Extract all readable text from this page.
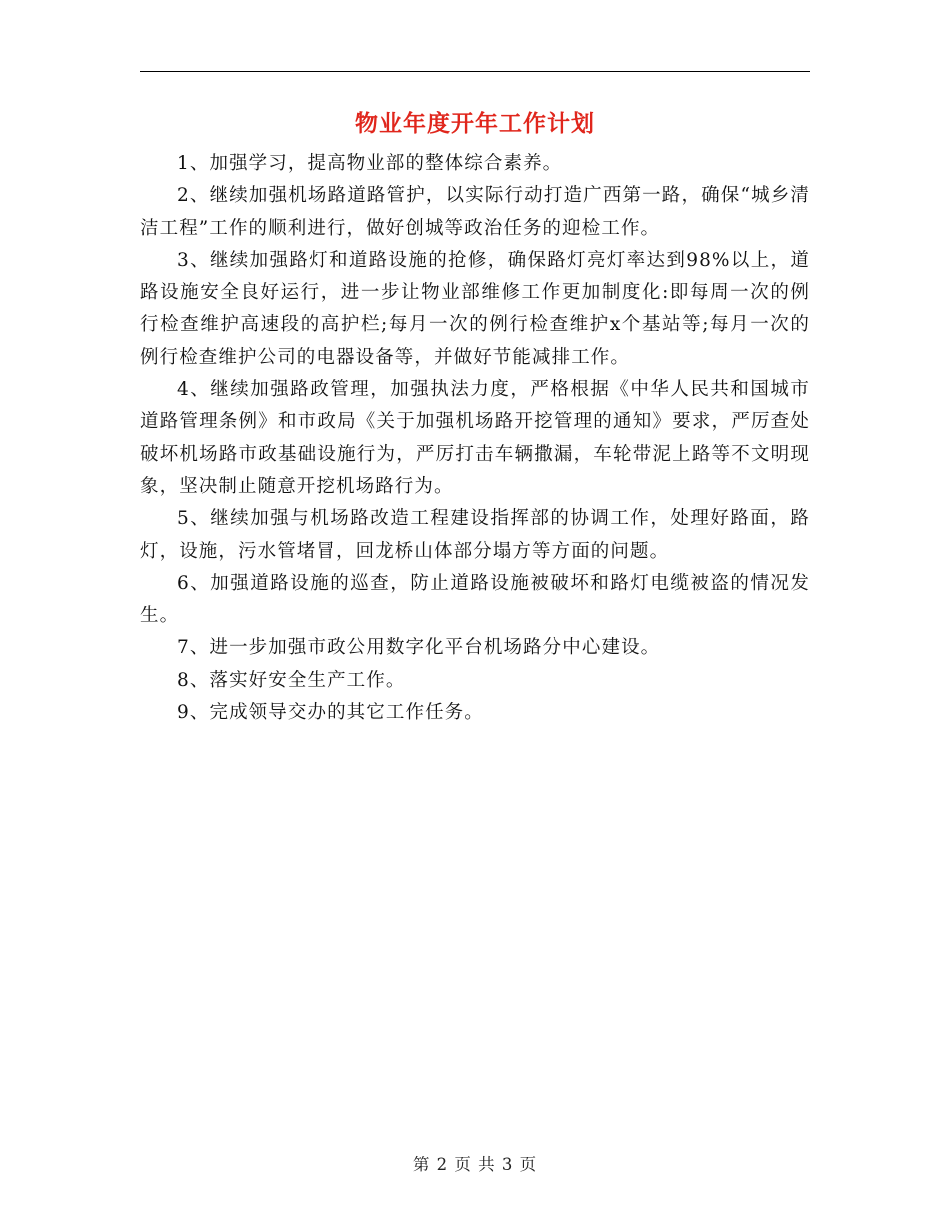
物业年度开年工作计划

1、加强学习，提高物业部的整体综合素养。

2、继续加强机场路道路管护，以实际行动打造广西第一路，确保“城乡清洁工程”工作的顺利进行，做好创城等政治任务的迎检工作。

3、继续加强路灯和道路设施的抢修，确保路灯亮灯率达到98%以上，道路设施安全良好运行，进一步让物业部维修工作更加制度化:即每周一次的例行检查维护高速段的高护栏;每月一次的例行检查维护x个基站等;每月一次的例行检查维护公司的电器设备等，并做好节能减排工作。

4、继续加强路政管理，加强执法力度，严格根据《中华人民共和国城市道路管理条例》和市政局《关于加强机场路开挖管理的通知》要求，严厉查处破坏机场路市政基础设施行为，严厉打击车辆撒漏，车轮带泥上路等不文明现象，坚决制止随意开挖机场路行为。

5、继续加强与机场路改造工程建设指挥部的协调工作，处理好路面，路灯，设施，污水管堵冒，回龙桥山体部分塌方等方面的问题。

6、加强道路设施的巡查，防止道路设施被破坏和路灯电缆被盗的情况发生。

7、进一步加强市政公用数字化平台机场路分中心建设。

8、落实好安全生产工作。

9、完成领导交办的其它工作任务。

第 2 页 共 3 页
